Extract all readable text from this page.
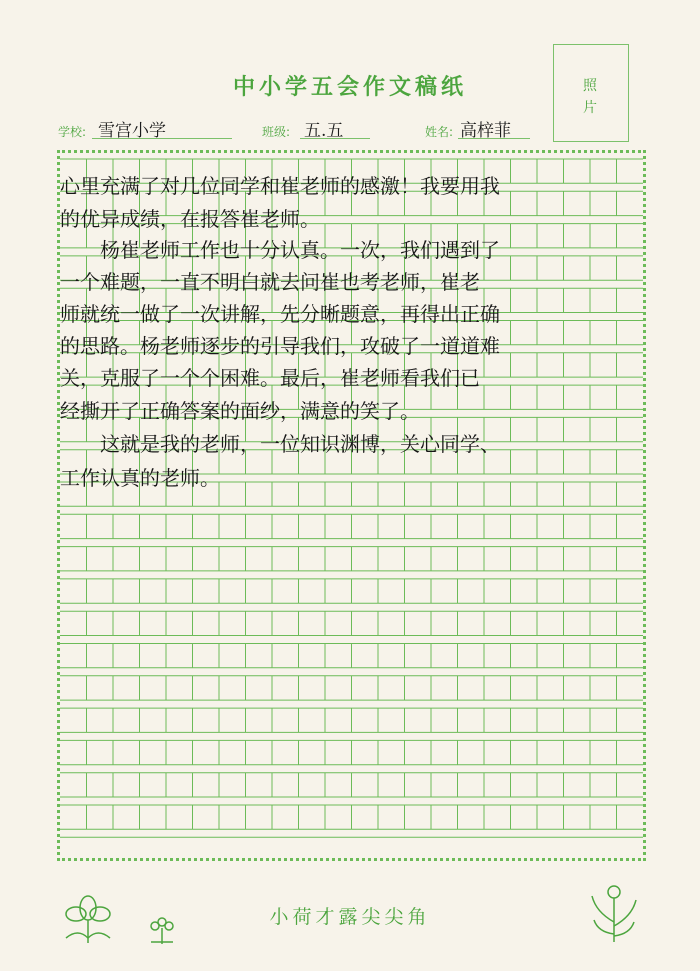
中小学五会作文稿纸	照
片
学校: 雪宫小学	班级: 五.五	姓名: 高梓菲
心里充满了对几位同学和崔老师的感激！我要用我
的优异成绩，在报答崔老师。
　　杨崔老师工作也十分认真。一次，我们遇到了
一个难题，一直不明白就去问崔也考老师，崔老
师就统一做了一次讲解，先分晰题意，再得出正确
的思路。杨老师逐步的引导我们，攻破了一道道难
关，克服了一个个困难。最后，崔老师看我们已
经撕开了正确答案的面纱，满意的笑了。
　　这就是我的老师，一位知识渊博，关心同学、
工作认真的老师。
小荷才露尖尖角
